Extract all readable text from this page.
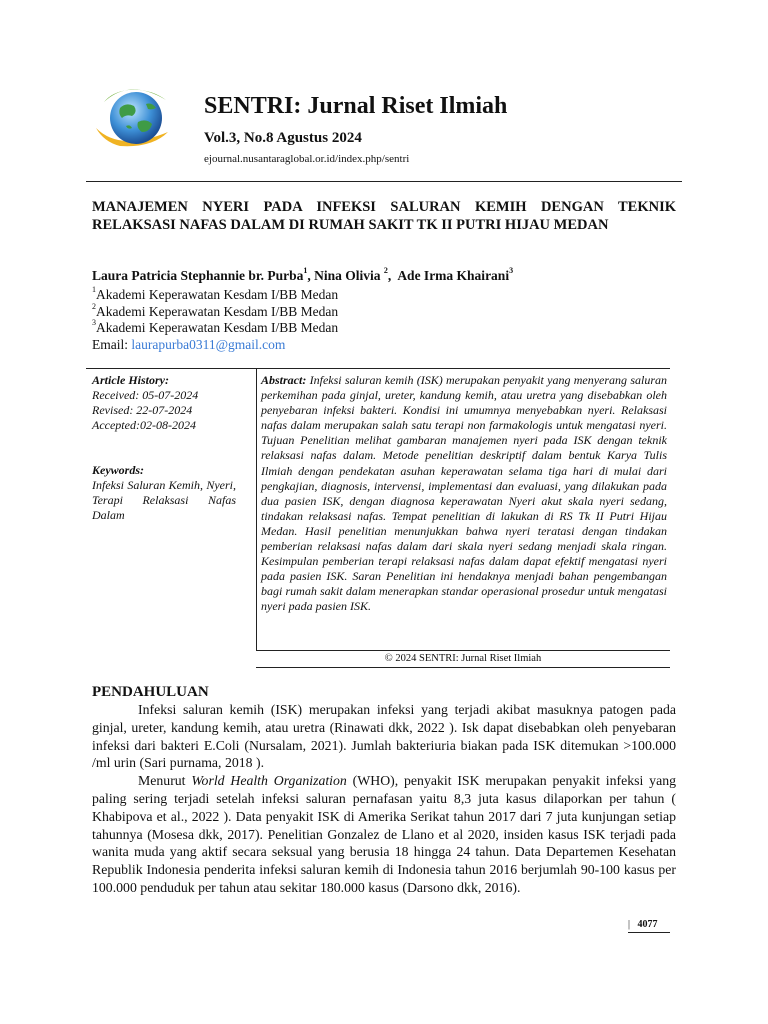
SENTRI: Jurnal Riset Ilmiah
Vol.3, No.8 Agustus 2024
ejournal.nusantaraglobal.or.id/index.php/sentri
MANAJEMEN NYERI PADA INFEKSI SALURAN KEMIH DENGAN TEKNIK RELAKSASI NAFAS DALAM DI RUMAH SAKIT TK II PUTRI HIJAU MEDAN
Laura Patricia Stephannie br. Purba$^1$, Nina Olivia $^2$,  Ade Irma Khairani$^3$
$^1$Akademi Keperawatan Kesdam I/BB Medan
$^2$Akademi Keperawatan Kesdam I/BB Medan
$^3$Akademi Keperawatan Kesdam I/BB Medan
Email: laurapurba0311@gmail.com
Article History:
Received: 05-07-2024
Revised: 22-07-2024
Accepted:02-08-2024
Keywords:
Infeksi Saluran Kemih, Nyeri, Terapi Relaksasi Nafas Dalam
Abstract: Infeksi saluran kemih (ISK) merupakan penyakit yang menyerang saluran perkemihan pada ginjal, ureter, kandung kemih, atau uretra yang disebabkan oleh penyebaran infeksi bakteri. Kondisi ini umumnya menyebabkan nyeri. Relaksasi nafas dalam merupakan salah satu terapi non farmakologis untuk mengatasi nyeri. Tujuan Penelitian melihat gambaran manajemen nyeri pada ISK dengan teknik relaksasi nafas dalam. Metode penelitian deskriptif dalam bentuk Karya Tulis Ilmiah dengan pendekatan asuhan keperawatan selama tiga hari di mulai dari pengkajian, diagnosis, intervensi, implementasi dan evaluasi, yang dilakukan pada dua pasien ISK, dengan diagnosa keperawatan Nyeri akut skala nyeri sedang, tindakan relaksasi nafas. Tempat penelitian di lakukan di RS Tk II Putri Hijau Medan. Hasil penelitian menunjukkan bahwa nyeri teratasi dengan tindakan pemberian relaksasi nafas dalam dari skala nyeri sedang menjadi skala ringan. Kesimpulan pemberian terapi relaksasi nafas dalam dapat efektif mengatasi nyeri pada pasien ISK. Saran Penelitian ini hendaknya menjadi bahan pengembangan bagi rumah sakit dalam menerapkan standar operasional prosedur untuk mengatasi nyeri pada pasien ISK.
© 2024 SENTRI: Jurnal Riset Ilmiah
PENDAHULUAN

Infeksi saluran kemih (ISK) merupakan infeksi yang terjadi akibat masuknya patogen pada ginjal, ureter, kandung kemih, atau uretra (Rinawati dkk, 2022 ). Isk dapat disebabkan oleh penyebaran infeksi dari bakteri E.Coli (Nursalam, 2021). Jumlah bakteriuria biakan pada ISK ditemukan >100.000 /ml urin (Sari purnama, 2018 ).

Menurut World Health Organization (WHO), penyakit ISK merupakan penyakit infeksi yang paling sering terjadi setelah infeksi saluran pernafasan yaitu 8,3 juta kasus dilaporkan per tahun ( Khabipova et al., 2022 ). Data penyakit ISK di Amerika Serikat tahun 2017 dari 7 juta kunjungan setiap tahunnya (Mosesa dkk, 2017). Penelitian Gonzalez de Llano et al 2020, insiden kasus ISK terjadi pada wanita muda yang aktif secara seksual yang berusia 18 hingga 24 tahun. Data Departemen Kesehatan Republik Indonesia penderita infeksi saluran kemih di Indonesia tahun 2016 berjumlah 90-100 kasus per 100.000 penduduk per tahun atau sekitar 180.000 kasus (Darsono dkk, 2016).

| 4077
